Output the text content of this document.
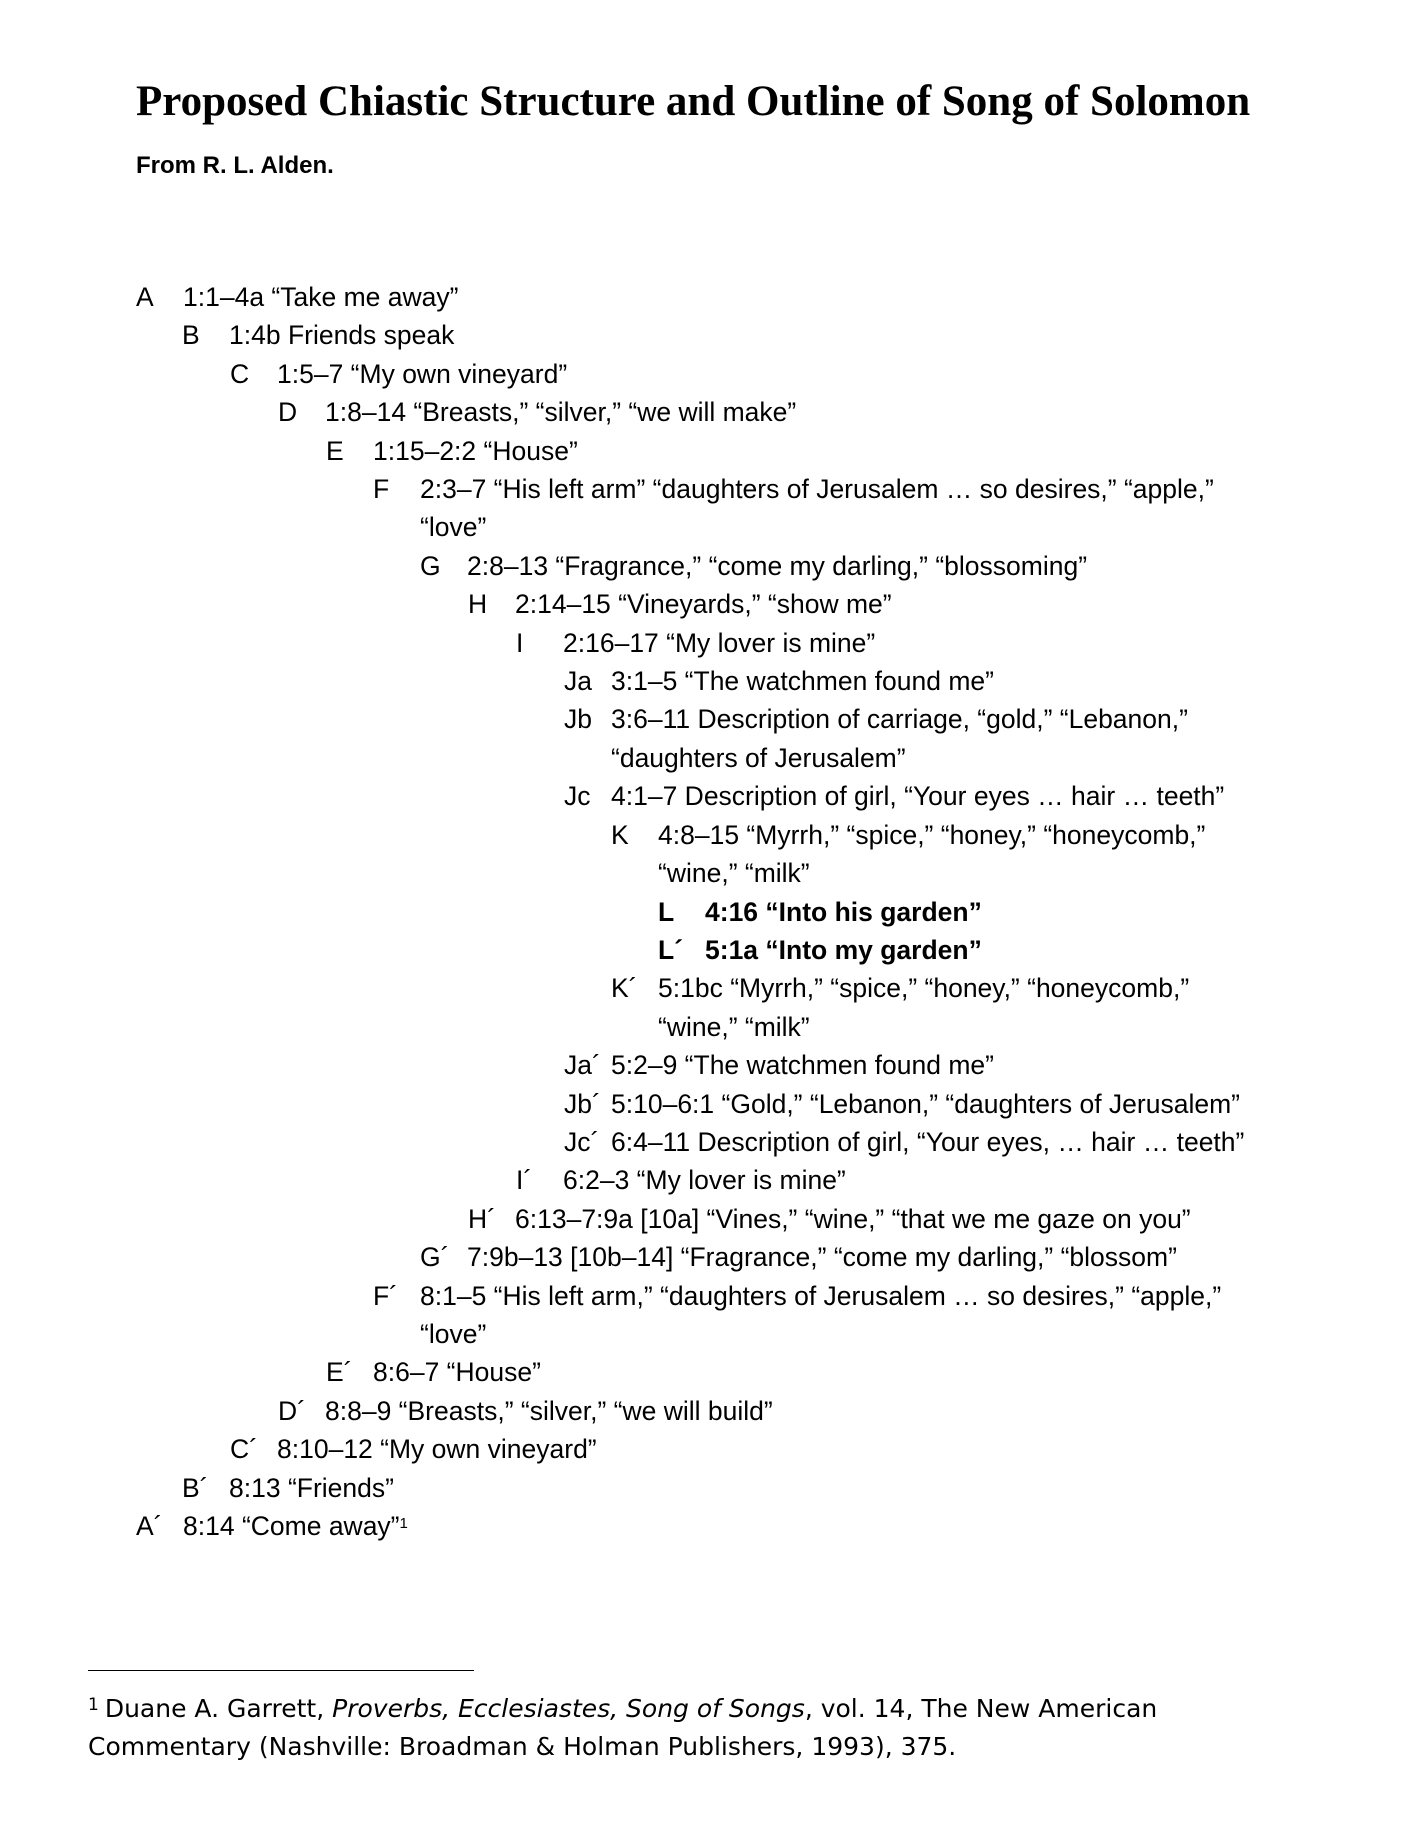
Proposed Chiastic Structure and Outline of Song of Solomon
From R. L. Alden.
A	1:1–4a “Take me away”
B	1:4b Friends speak
C	1:5–7 “My own vineyard”
D	1:8–14 “Breasts,” “silver,” “we will make”
E	1:15–2:2 “House”
F	2:3–7 “His left arm” “daughters of Jerusalem … so desires,” “apple,”
“love”
G 2:8–13 “Fragrance,” “come my darling,” “blossoming”
H	2:14–15 “Vineyards,” “show me”
I	2:16–17 “My lover is mine”
Ja 3:1–5 “The watchmen found me”
Jb 3:6–11 Description of carriage, “gold,” “Lebanon,”
“daughters of Jerusalem”
Jc 4:1–7 Description of girl, “Your eyes … hair … teeth”
K	4:8–15 “Myrrh,” “spice,” “honey,” “honeycomb,”
“wine,” “milk”
L	4:16 “Into his garden”
L´ 5:1a “Into my garden”
K´ 5:1bc “Myrrh,” “spice,” “honey,” “honeycomb,”
“wine,” “milk”
Ja´ 5:2–9 “The watchmen found me”
Jb´ 5:10–6:1 “Gold,” “Lebanon,” “daughters of Jerusalem”
Jc´ 6:4–11 Description of girl, “Your eyes, … hair … teeth”
I´	6:2–3 “My lover is mine”
H´ 6:13–7:9a [10a] “Vines,” “wine,” “that we me gaze on you”
G´ 7:9b–13 [10b–14] “Fragrance,” “come my darling,” “blossom”
F´ 8:1–5 “His left arm,” “daughters of Jerusalem … so desires,” “apple,”
“love”
E´ 8:6–7 “House”
D´ 8:8–9 “Breasts,” “silver,” “we will build”
C´ 8:10–12 “My own vineyard”
B´ 8:13 “Friends”
A´ 8:14 “Come away”$^1$
$^1$ Duane A. Garrett, Proverbs, Ecclesiastes, Song of Songs, vol. 14, The New American
Commentary (Nashville: Broadman & Holman Publishers, 1993), 375.
